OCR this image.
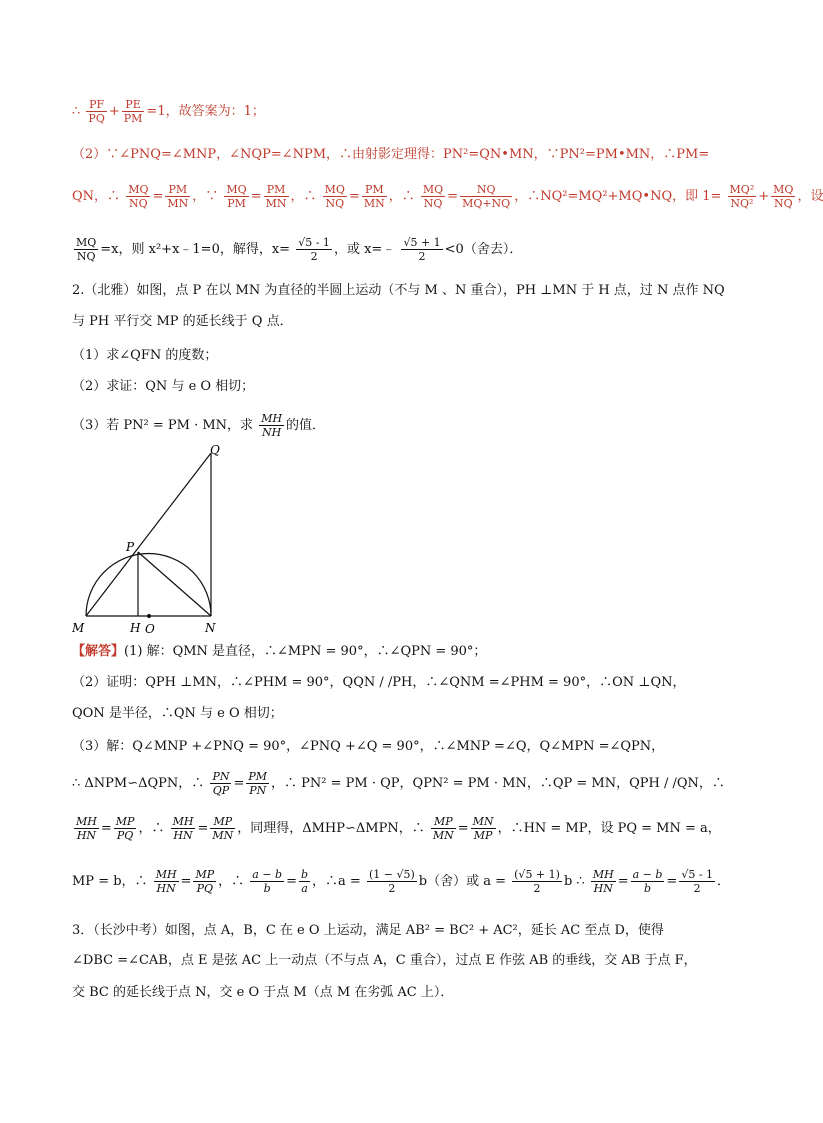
∴ $\frac{PF}{PQ} + \frac{PE}{PM} =1$，故答案为：1；
（2）∵∠PNQ=∠MNP，∠NQP=∠NPM，∴由射影定理得：PN²=QN•MN，∵PN²=PM•MN，∴PM=
QN，∴ $\frac{MQ}{NQ} = \frac{PM}{MN}$ ，∵ $\frac{MQ}{PM} = \frac{PM}{MN}$ ，∴ $\frac{MQ}{NQ} = \frac{PM}{MN}$ ，∴ $\frac{MQ}{NQ} = \frac{NQ}{MQ+NQ}$ ，∴NQ²=MQ²+MQ•NQ，即 $1= \frac{\text{MQ²}}{\text{NQ²}} + \frac{MQ}{NQ}$ ，设
$\frac{MQ}{NQ} =x$，则 x²+x﹣1=0，解得，$x= \frac{√5 - 1}{2}$ ，或 x=﹣ $\frac{√5 + 1}{2} <0$（舍去）．
2.（北雅）如图，点 P 在以 MN 为直径的半圆上运动（不与 M 、N 重合），PH ⊥MN 于 H 点，过 N 点作 NQ
与 PH 平行交 MP 的延长线于 Q 点．
（1）求∠QFN 的度数；
（2）求证：QN 与 e O 相切；
（3）若 PN² = PM · MN，求 $\frac{MH}{NH}$ 的值．
Q
P
M	H O	N
【解答】(1) 解：QMN 是直径，∴∠MPN = 90°，∴∠QPN = 90°；
（2）证明：QPH ⊥MN，∴∠PHM = 90°，QQN / /PH，∴∠QNM =∠PHM = 90°，∴ON ⊥QN，
QON 是半径，∴QN 与 e O 相切；
（3）解：Q∠MNP +∠PNQ = 90°，∠PNQ +∠Q = 90°，∴∠MNP =∠Q，Q∠MPN =∠QPN，
∴ ΔNPM∽ΔQPN，∴ $\frac{PN}{QP} = \frac{PM}{PN}$ ，∴ PN² = PM · QP，QPN² = PM · MN，∴QP = MN，QPH / /QN，∴
$\frac{MH}{HN} = \frac{MP}{PQ}$ ，∴ $\frac{MH}{HN} = \frac{MP}{MN}$ ，同理得，ΔMHP∽ΔMPN，∴ $\frac{MP}{MN} = \frac{MN}{MP}$ ，∴HN = MP，设 PQ = MN = a，
MP = b，∴ $\frac{MH}{HN} = \frac{MP}{PQ}$ ，∴ $\frac{a - b}{b} = \frac{b}{a}$ ，∴a = $\frac{(1 - √5)}{2} b$（舍）或 $a = \frac{(√5 + 1)}{2}$ b ∴ $\frac{MH}{HN} = \frac{a - b}{b} = \frac{√5 - 1}{2}$ ．
3．（长沙中考）如图，点 A，B，C 在 e O 上运动，满足 AB² = BC² + AC²，延长 AC 至点 D，使得
∠DBC =∠CAB，点 E 是弦 AC 上一动点（不与点 A，C 重合），过点 E 作弦 AB 的垂线，交 AB 于点 F，
交 BC 的延长线于点 N，交 e O 于点 M（点 M 在劣弧 AC 上）．
